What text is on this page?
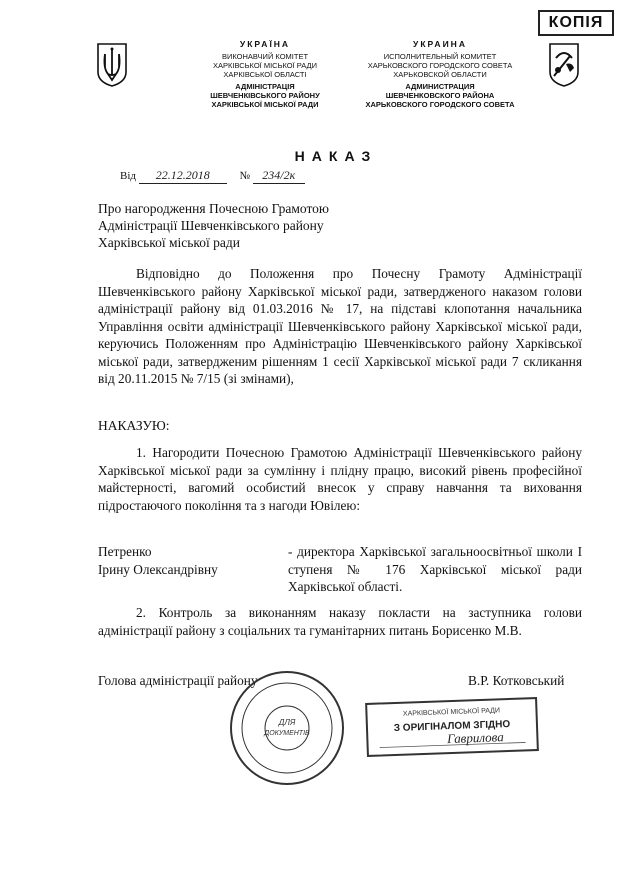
КОПІЯ
УКРАЇНА
ВИКОНАВЧИЙ КОМІТЕТ
ХАРКІВСЬКОЇ МІСЬКОЇ РАДИ
ХАРКІВСЬКОЇ ОБЛАСТІ
АДМІНІСТРАЦІЯ
ШЕВЧЕНКІВСЬКОГО РАЙОНУ
ХАРКІВСЬКОЇ МІСЬКОЇ РАДИ
УКРАИНА
ИСПОЛНИТЕЛЬНЫЙ КОМИТЕТ
ХАРЬКОВСКОГО ГОРОДСКОГО СОВЕТА
ХАРЬКОВСКОЙ ОБЛАСТИ
АДМИНИСТРАЦИЯ
ШЕВЧЕНКОВСКОГО РАЙОНА
ХАРЬКОВСКОГО ГОРОДСКОГО СОВЕТА
НАКАЗ
Від 22.12.2018	№ 234/2к
Про нагородження Почесною Грамотою
Адміністрації Шевченківського району
Харківської міської ради
Відповідно до Положення про Почесну Грамоту Адміністрації Шевченківського району Харківської міської ради, затвердженого наказом голови адміністрації району від 01.03.2016 № 17, на підставі клопотання начальника Управління освіти адміністрації Шевченківського району Харківської міської ради, керуючись Положенням про Адміністрацію Шевченківського району Харківської міської ради, затвердженим рішенням 1 сесії Харківської міської ради 7 скликання від 20.11.2015 № 7/15 (зі змінами),
НАКАЗУЮ:
1. Нагородити Почесною Грамотою Адміністрації Шевченківського району Харківської міської ради за сумлінну і плідну працю, високий рівень професійної майстерності, вагомий особистий внесок у справу навчання та виховання підростаючого покоління та з нагоди Ювілею:
Петренко
Ірину Олександрівну
- директора Харківської загальноосвітньої школи І ступеня № 176 Харківської міської ради Харківської області.
2. Контроль за виконанням наказу покласти на заступника голови адміністрації району з соціальних та гуманітарних питань Борисенко М.В.
Голова адміністрації району	В.Р. Котковський
ДЛЯ
ДОКУМЕНТІВ
ХАРКІВСЬКОЇ МІСЬКОЇ РАДИ
З ОРИГІНАЛОМ ЗГІДНО
Гаврилова
